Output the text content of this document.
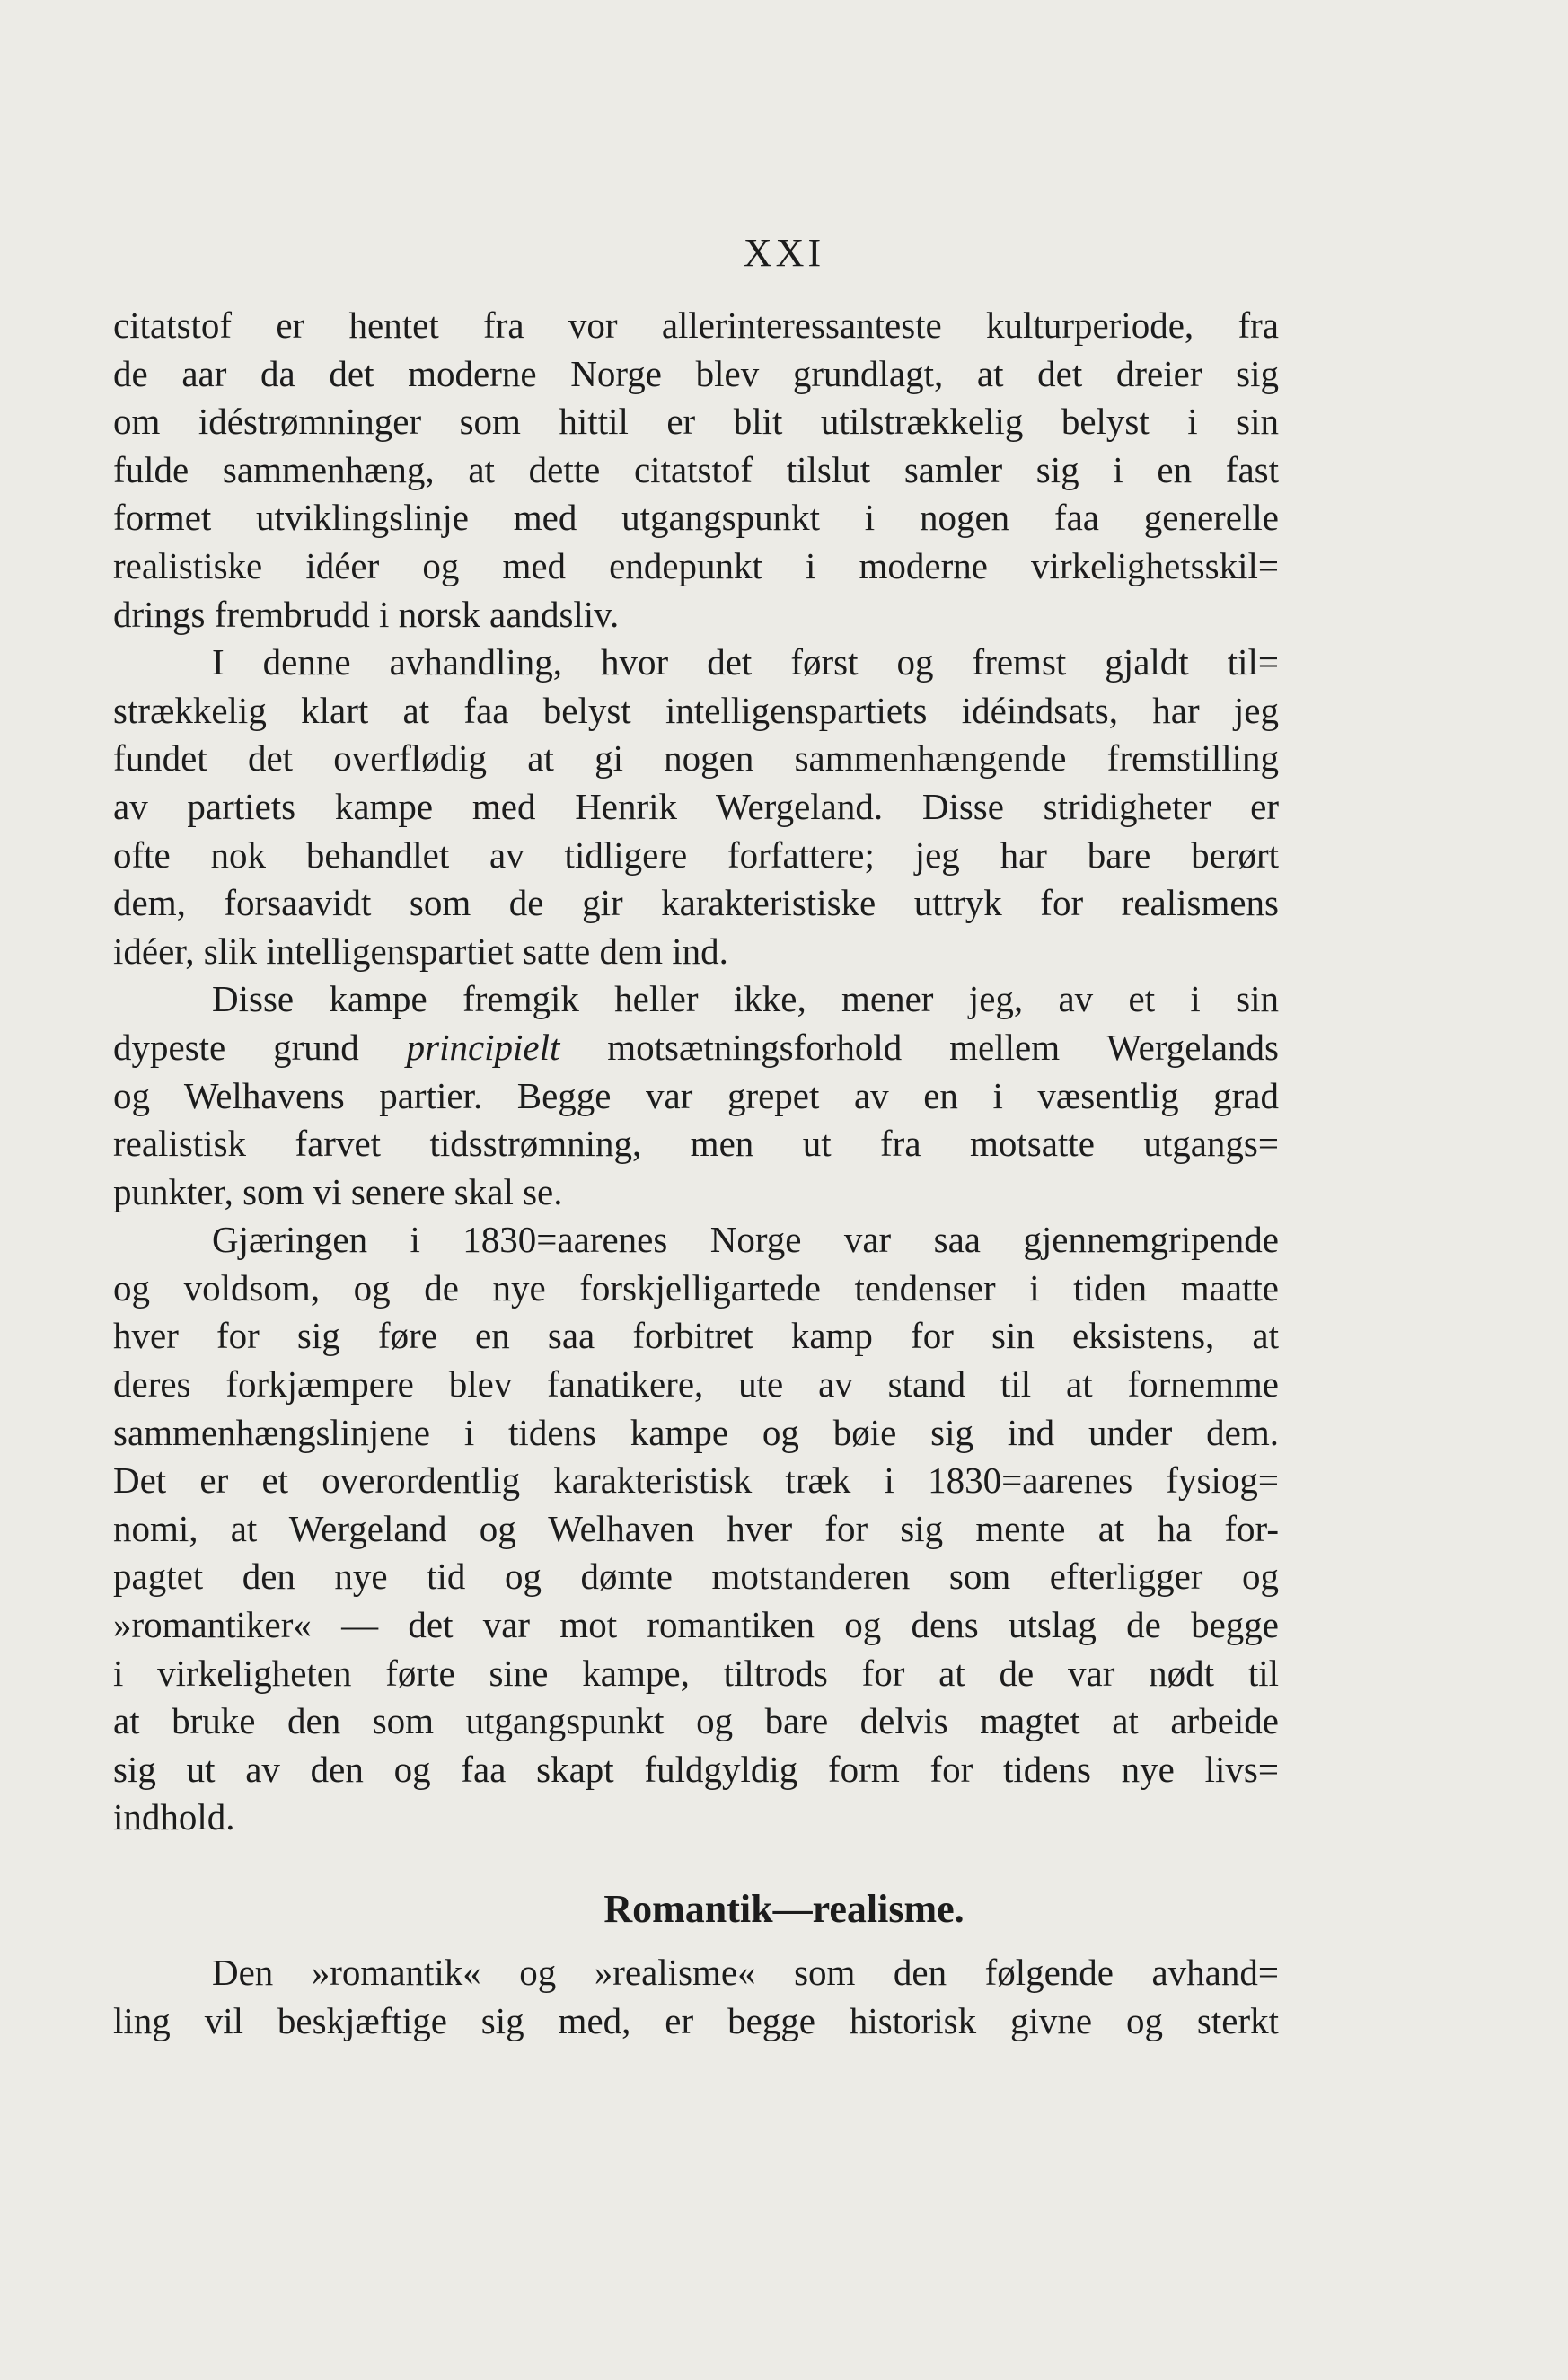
XXI
citatstof er hentet fra vor allerinteressanteste kulturperiode, fra
de aar da det moderne Norge blev grundlagt, at det dreier sig
om idéstrømninger som hittil er blit utilstrækkelig belyst i sin
fulde sammenhæng, at dette citatstof tilslut samler sig i en fast
formet utviklingslinje med utgangspunkt i nogen faa generelle
realistiske idéer og med endepunkt i moderne virkelighetsskil=
drings frembrudd i norsk aandsliv.
I denne avhandling, hvor det først og fremst gjaldt til=
strækkelig klart at faa belyst intelligenspartiets idéindsats, har jeg
fundet det overflødig at gi nogen sammenhængende fremstilling
av partiets kampe med Henrik Wergeland. Disse stridigheter er
ofte nok behandlet av tidligere forfattere; jeg har bare berørt
dem, forsaavidt som de gir karakteristiske uttryk for realismens
idéer, slik intelligenspartiet satte dem ind.
Disse kampe fremgik heller ikke, mener jeg, av et i sin
dypeste grund principielt motsætningsforhold mellem Wergelands
og Welhavens partier. Begge var grepet av en i væsentlig grad
realistisk farvet tidsstrømning, men ut fra motsatte utgangs=
punkter, som vi senere skal se.
Gjæringen i 1830=aarenes Norge var saa gjennemgripende
og voldsom, og de nye forskjelligartede tendenser i tiden maatte
hver for sig føre en saa forbitret kamp for sin eksistens, at
deres forkjæmpere blev fanatikere, ute av stand til at fornemme
sammenhængslinjene i tidens kampe og bøie sig ind under dem.
Det er et overordentlig karakteristisk træk i 1830=aarenes fysiog=
nomi, at Wergeland og Welhaven hver for sig mente at ha for-
pagtet den nye tid og dømte motstanderen som efterligger og
»romantiker« — det var mot romantiken og dens utslag de begge
i virkeligheten førte sine kampe, tiltrods for at de var nødt til
at bruke den som utgangspunkt og bare delvis magtet at arbeide
sig ut av den og faa skapt fuldgyldig form for tidens nye livs=
indhold.
Romantik—realisme.
Den »romantik« og »realisme« som den følgende avhand=
ling vil beskjæftige sig med, er begge historisk givne og sterkt
